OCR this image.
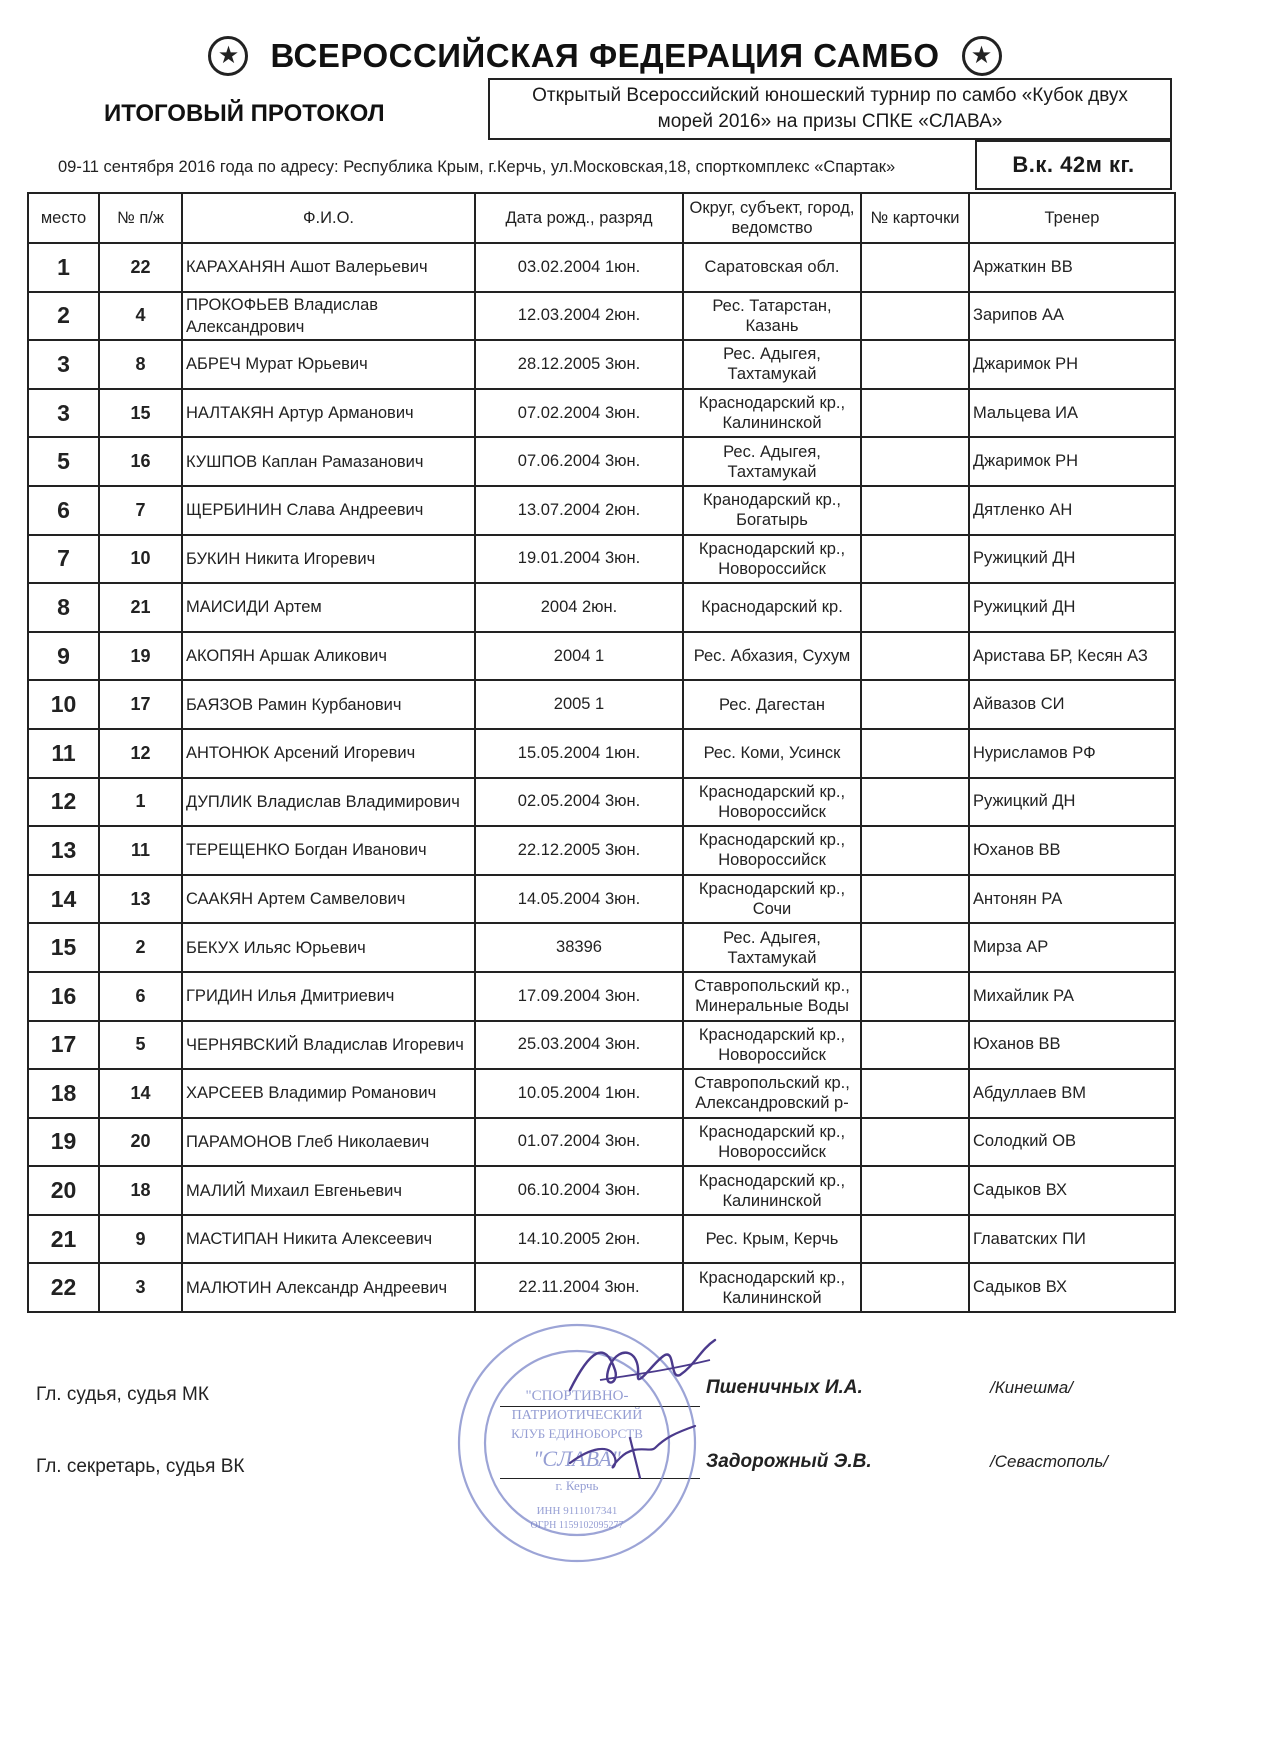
★ ВСЕРОССИЙСКАЯ ФЕДЕРАЦИЯ САМБО	★
ИТОГОВЫЙ ПРОТОКОЛ
Открытый Всероссийский юношеский турнир по самбо «Кубок двух морей 2016» на призы СПКЕ «СЛАВА»
09-11 сентября 2016 года по адресу: Республика Крым, г.Керчь, ул.Московская,18, спорткомплекс «Спартак»	В.к. 42м кг.
место	№ п/ж	Ф.И.О.	Дата рожд., разряд	Округ, субъект, город, ведомство	№ карточки	Тренер
1	22	КАРАХАНЯН Ашот Валерьевич	03.02.2004 1юн.	Саратовская обл.		Аржаткин ВВ
2	4	ПРОКОФЬЕВ Владислав Александрович	12.03.2004 2юн.	Рес. Татарстан, Казань		Зарипов АА
3	8	АБРЕЧ Мурат Юрьевич	28.12.2005 3юн.	Рес. Адыгея, Тахтамукай		Джаримок РН
3	15	НАЛТАКЯН Артур Арманович	07.02.2004 3юн.	Краснодарский кр., Калининской		Мальцева ИА
5	16	КУШПОВ Каплан Рамазанович	07.06.2004 3юн.	Рес. Адыгея, Тахтамукай		Джаримок РН
6	7	ЩЕРБИНИН Слава Андреевич	13.07.2004 2юн.	Кранодарский кр., Богатырь		Дятленко АН
7	10	БУКИН Никита Игоревич	19.01.2004 3юн.	Краснодарский кр., Новороссийск		Ружицкий ДН
8	21	МАИСИДИ Артем	2004 2юн.	Краснодарский кр.		Ружицкий ДН
9	19	АКОПЯН Аршак Аликович	2004 1	Рес. Абхазия, Сухум		Аристава БР, Кесян АЗ
10	17	БАЯЗОВ Рамин Курбанович	2005 1	Рес. Дагестан		Айвазов СИ
11	12	АНТОНЮК Арсений Игоревич	15.05.2004 1юн.	Рес. Коми, Усинск		Нурисламов РФ
12	1	ДУПЛИК Владислав Владимирович	02.05.2004 3юн.	Краснодарский кр., Новороссийск		Ружицкий ДН
13	11	ТЕРЕЩЕНКО Богдан Иванович	22.12.2005 3юн.	Краснодарский кр., Новороссийск		Юханов ВВ
14	13	СААКЯН Артем Самвелович	14.05.2004 3юн.	Краснодарский кр., Сочи		Антонян РА
15	2	БЕКУХ Ильяс Юрьевич	38396	Рес. Адыгея, Тахтамукай		Мирза АР
16	6	ГРИДИН Илья Дмитриевич	17.09.2004 3юн.	Ставропольский кр., Минеральные Воды		Михайлик РА
17	5	ЧЕРНЯВСКИЙ Владислав Игоревич	25.03.2004 3юн.	Краснодарский кр., Новороссийск		Юханов ВВ
18	14	ХАРСЕЕВ Владимир Романович	10.05.2004 1юн.	Ставропольский кр., Александровский р-		Абдуллаев ВМ
19	20	ПАРАМОНОВ Глеб Николаевич	01.07.2004 3юн.	Краснодарский кр., Новороссийск		Солодкий ОВ
20	18	МАЛИЙ Михаил Евгеньевич	06.10.2004 3юн.	Краснодарский кр., Калининской		Садыков ВХ
21	9	МАСТИПАН Никита Алексеевич	14.10.2005 2юн.	Рес. Крым, Керчь		Главатских ПИ
22	3	МАЛЮТИН Александр Андреевич	22.11.2004 3юн.	Краснодарский кр., Калининской		Садыков ВХ
Гл. судья, судья МК	Пшеничных И.А.	/Кинешма/
Гл. секретарь, судья ВК	Задорожный Э.В.	/Севастополь/
"СПОРТИВНО-
ПАТРИОТИЧЕСКИЙ
КЛУБ ЕДИНОБОРСТВ
"СЛАВА"
г. Керчь
ИНН 9111017341
ОГРН 1159102095277
